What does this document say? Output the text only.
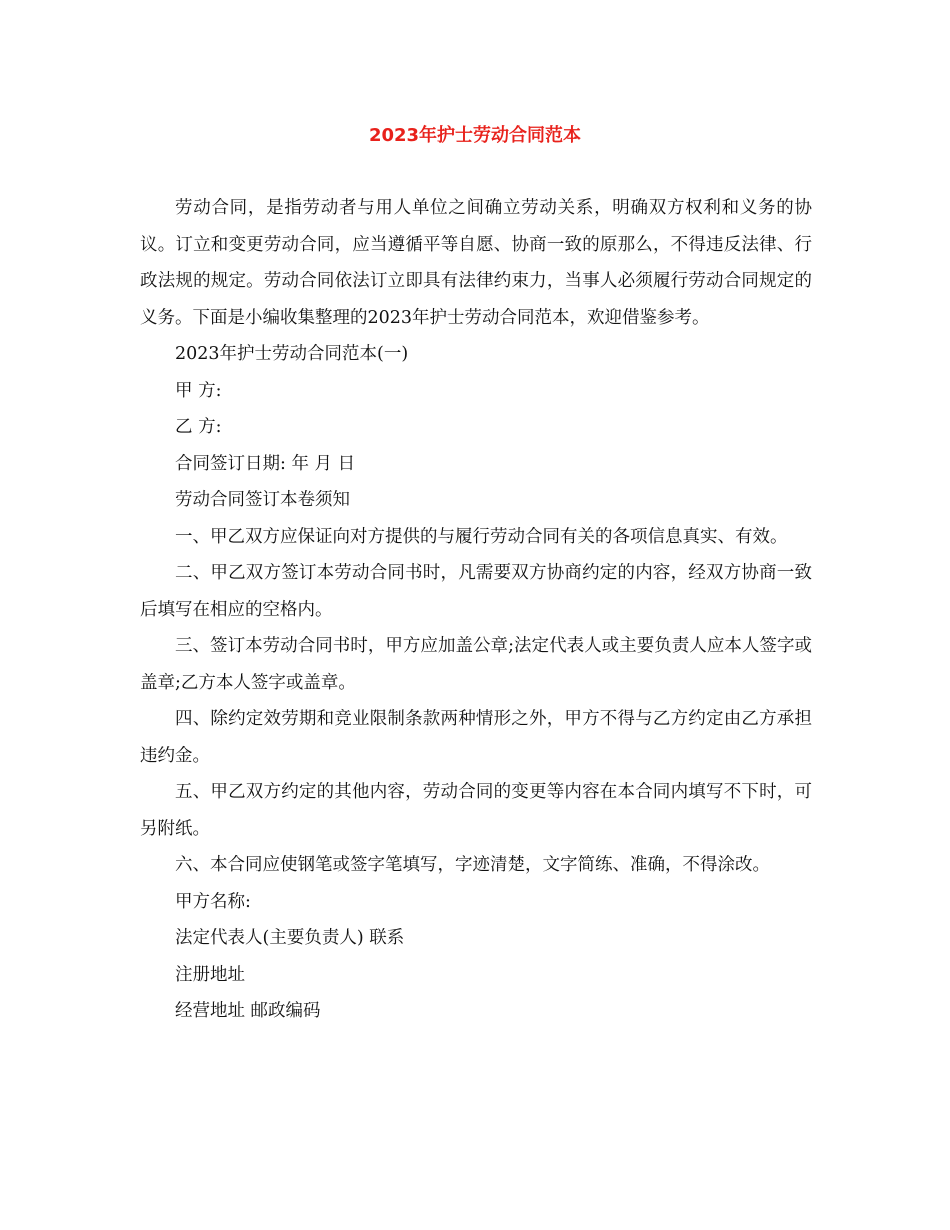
2023年护士劳动合同范本

劳动合同，是指劳动者与用人单位之间确立劳动关系，明确双方权利和义务的协议。订立和变更劳动合同，应当遵循平等自愿、协商一致的原那么，不得违反法律、行政法规的规定。劳动合同依法订立即具有法律约束力，当事人必须履行劳动合同规定的义务。下面是小编收集整理的2023年护士劳动合同范本，欢迎借鉴参考。

2023年护士劳动合同范本(一)

甲 方:

乙 方:

合同签订日期: 年 月 日

劳动合同签订本卷须知

一、甲乙双方应保证向对方提供的与履行劳动合同有关的各项信息真实、有效。

二、甲乙双方签订本劳动合同书时，凡需要双方协商约定的内容，经双方协商一致后填写在相应的空格内。

三、签订本劳动合同书时，甲方应加盖公章;法定代表人或主要负责人应本人签字或盖章;乙方本人签字或盖章。

四、除约定效劳期和竞业限制条款两种情形之外，甲方不得与乙方约定由乙方承担违约金。

五、甲乙双方约定的其他内容，劳动合同的变更等内容在本合同内填写不下时，可另附纸。

六、本合同应使钢笔或签字笔填写，字迹清楚，文字简练、准确，不得涂改。

甲方名称:

法定代表人(主要负责人) 联系

注册地址

经营地址 邮政编码
